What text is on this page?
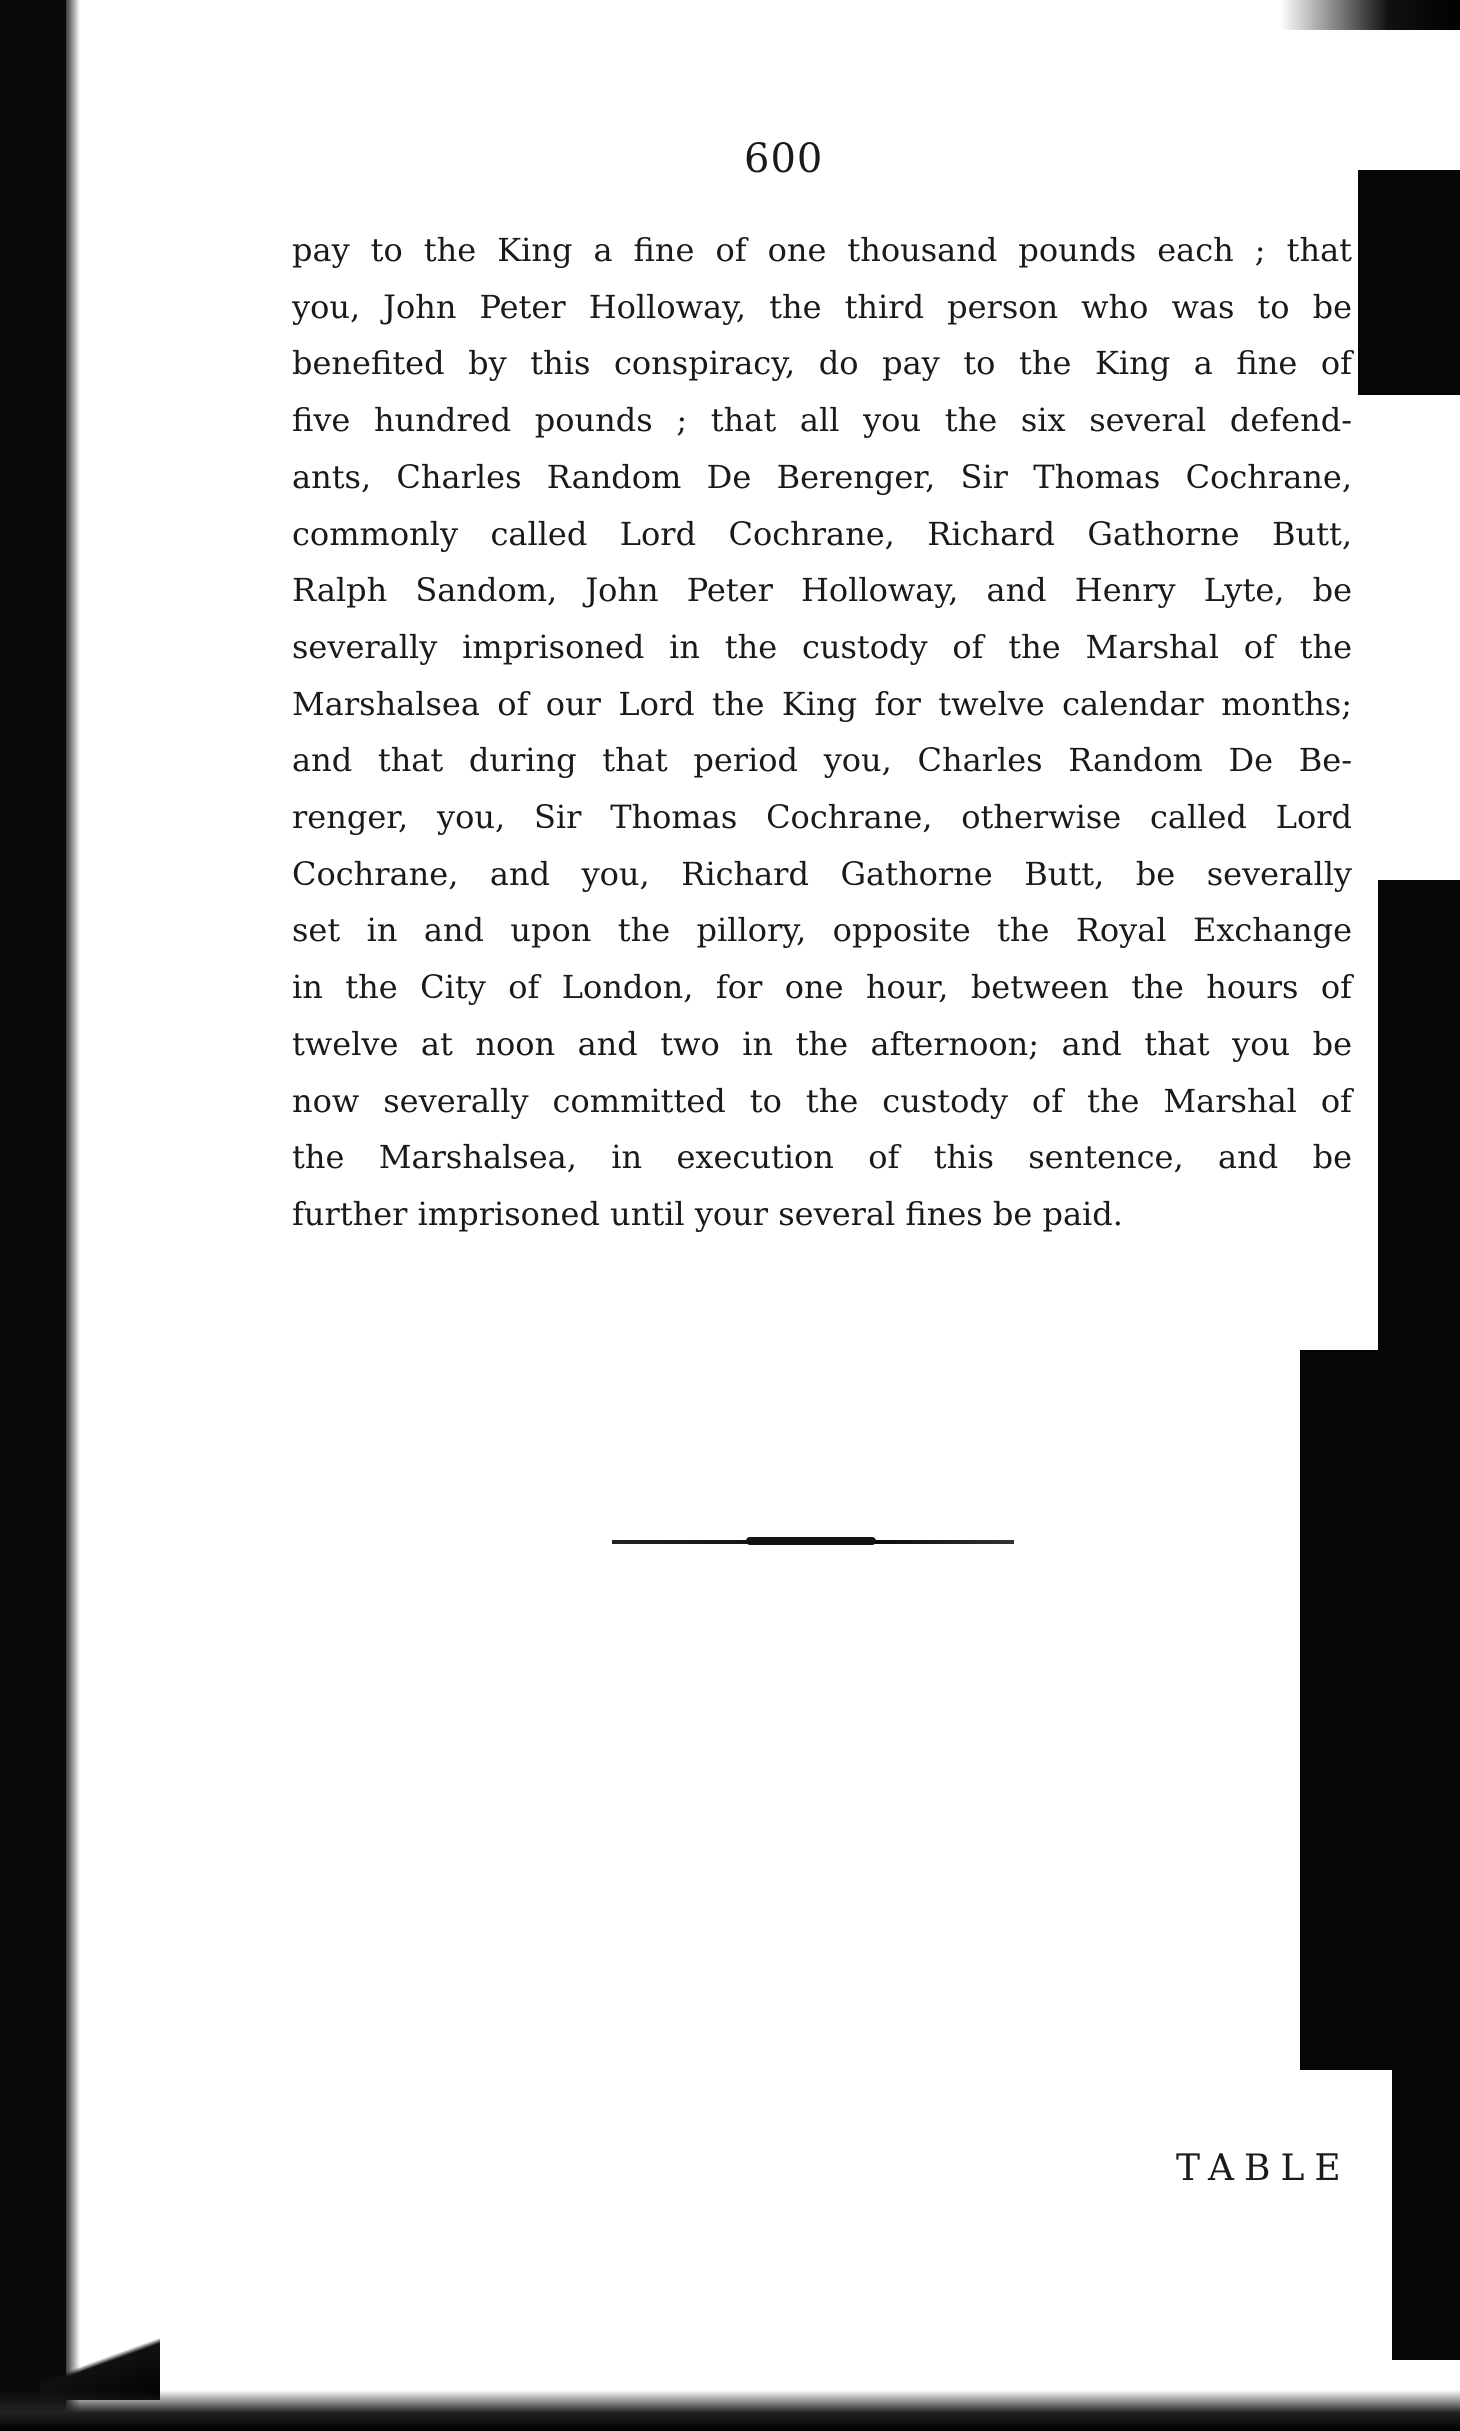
600
pay to the King a fine of one thousand pounds each ; that
you, John Peter Holloway, the third person who was to be
benefited by this conspiracy, do pay to the King a fine of
five hundred pounds ; that all you the six several defend-
ants, Charles Random De Berenger, Sir Thomas Cochrane,
commonly called Lord Cochrane, Richard Gathorne Butt,
Ralph Sandom, John Peter Holloway, and Henry Lyte, be
severally imprisoned in the custody of the Marshal of the
Marshalsea of our Lord the King for twelve calendar months;
and that during that period you, Charles Random De Be-
renger, you, Sir Thomas Cochrane, otherwise called Lord
Cochrane, and you, Richard Gathorne Butt, be severally
set in and upon the pillory, opposite the Royal Exchange
in the City of London, for one hour, between the hours of
twelve at noon and two in the afternoon; and that you be
now severally committed to the custody of the Marshal of
the Marshalsea, in execution of this sentence, and be
further imprisoned until your several fines be paid.
TABLE
